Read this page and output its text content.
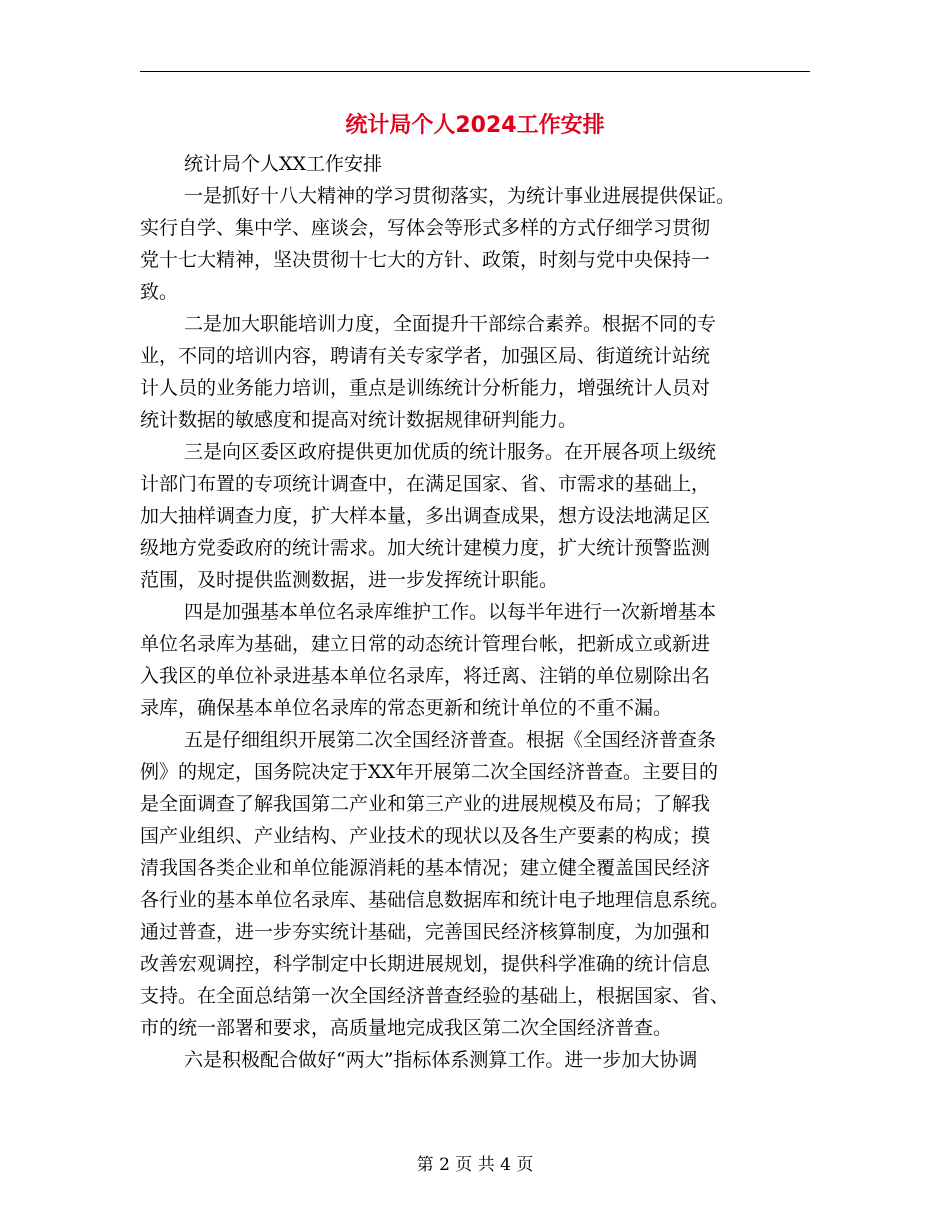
统计局个人2024工作安排

统计局个人XX工作安排

一是抓好十八大精神的学习贯彻落实，为统计事业进展提供保证。
实行自学、集中学、座谈会，写体会等形式多样的方式仔细学习贯彻
党十七大精神，坚决贯彻十七大的方针、政策，时刻与党中央保持一
致。

二是加大职能培训力度，全面提升干部综合素养。根据不同的专
业，不同的培训内容，聘请有关专家学者，加强区局、街道统计站统
计人员的业务能力培训，重点是训练统计分析能力，增强统计人员对
统计数据的敏感度和提高对统计数据规律研判能力。

三是向区委区政府提供更加优质的统计服务。在开展各项上级统
计部门布置的专项统计调查中，在满足国家、省、市需求的基础上，
加大抽样调查力度，扩大样本量，多出调查成果，想方设法地满足区
级地方党委政府的统计需求。加大统计建模力度，扩大统计预警监测
范围，及时提供监测数据，进一步发挥统计职能。

四是加强基本单位名录库维护工作。以每半年进行一次新增基本
单位名录库为基础，建立日常的动态统计管理台帐，把新成立或新进
入我区的单位补录进基本单位名录库，将迁离、注销的单位剔除出名
录库，确保基本单位名录库的常态更新和统计单位的不重不漏。

五是仔细组织开展第二次全国经济普查。根据《全国经济普查条
例》的规定，国务院决定于XX年开展第二次全国经济普查。主要目的
是全面调查了解我国第二产业和第三产业的进展规模及布局；了解我
国产业组织、产业结构、产业技术的现状以及各生产要素的构成；摸
清我国各类企业和单位能源消耗的基本情况；建立健全覆盖国民经济
各行业的基本单位名录库、基础信息数据库和统计电子地理信息系统。
通过普查，进一步夯实统计基础，完善国民经济核算制度，为加强和
改善宏观调控，科学制定中长期进展规划，提供科学准确的统计信息
支持。在全面总结第一次全国经济普查经验的基础上，根据国家、省、
市的统一部署和要求，高质量地完成我区第二次全国经济普查。

六是积极配合做好“两大”指标体系测算工作。进一步加大协调

第 2 页 共 4 页
